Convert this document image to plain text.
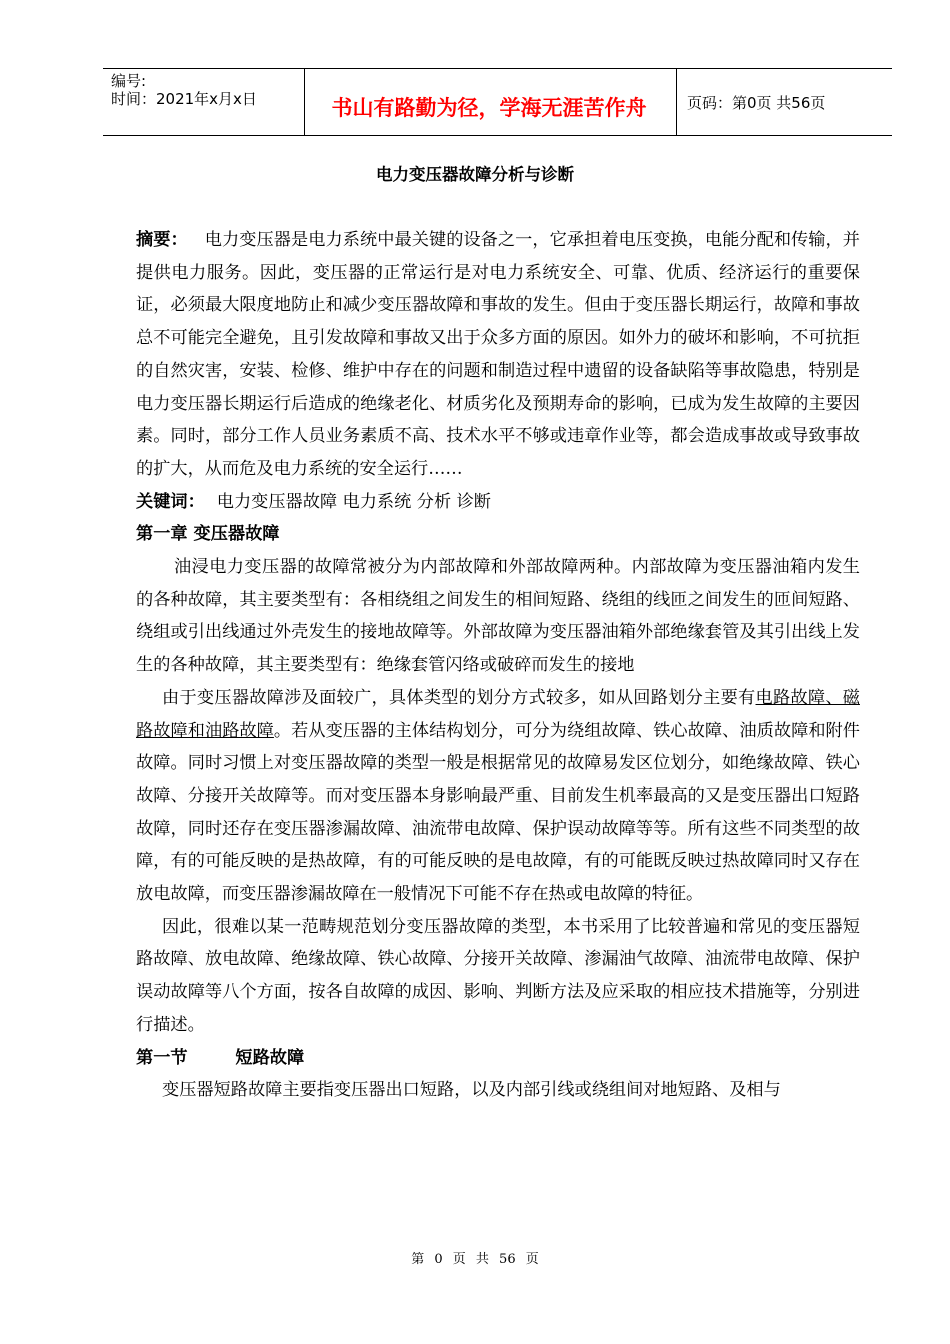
编号:
时间：2021年x月x日	书山有路勤为径，学海无涯苦作舟	页码：第0页 共56页
电力变压器故障分析与诊断

摘要： 电力变压器是电力系统中最关键的设备之一，它承担着电压变换，电能分配和传输，并提供电力服务。因此，变压器的正常运行是对电力系统安全、可靠、优质、经济运行的重要保证，必须最大限度地防止和减少变压器故障和事故的发生。但由于变压器长期运行，故障和事故总不可能完全避免，且引发故障和事故又出于众多方面的原因。如外力的破坏和影响，不可抗拒的自然灾害，安装、检修、维护中存在的问题和制造过程中遗留的设备缺陷等事故隐患，特别是电力变压器长期运行后造成的绝缘老化、材质劣化及预期寿命的影响，已成为发生故障的主要因素。同时，部分工作人员业务素质不高、技术水平不够或违章作业等，都会造成事故或导致事故的扩大，从而危及电力系统的安全运行……

关键词： 电力变压器故障 电力系统 分析 诊断

第一章 变压器故障

油浸电力变压器的故障常被分为内部故障和外部故障两种。内部故障为变压器油箱内发生的各种故障，其主要类型有：各相绕组之间发生的相间短路、绕组的线匝之间发生的匝间短路、绕组或引出线通过外壳发生的接地故障等。外部故障为变压器油箱外部绝缘套管及其引出线上发生的各种故障，其主要类型有：绝缘套管闪络或破碎而发生的接地

由于变压器故障涉及面较广，具体类型的划分方式较多，如从回路划分主要有电路故障、磁路故障和油路故障。若从变压器的主体结构划分，可分为绕组故障、铁心故障、油质故障和附件故障。同时习惯上对变压器故障的类型一般是根据常见的故障易发区位划分，如绝缘故障、铁心故障、分接开关故障等。而对变压器本身影响最严重、目前发生机率最高的又是变压器出口短路故障，同时还存在变压器渗漏故障、油流带电故障、保护误动故障等等。所有这些不同类型的故障，有的可能反映的是热故障，有的可能反映的是电故障，有的可能既反映过热故障同时又存在放电故障，而变压器渗漏故障在一般情况下可能不存在热或电故障的特征。

因此，很难以某一范畴规范划分变压器故障的类型，本书采用了比较普遍和常见的变压器短路故障、放电故障、绝缘故障、铁心故障、分接开关故障、渗漏油气故障、油流带电故障、保护误动故障等八个方面，按各自故障的成因、影响、判断方法及应采取的相应技术措施等，分别进行描述。

第一节        短路故障

变压器短路故障主要指变压器出口短路，以及内部引线或绕组间对地短路、及相与

第 0 页 共 56 页
